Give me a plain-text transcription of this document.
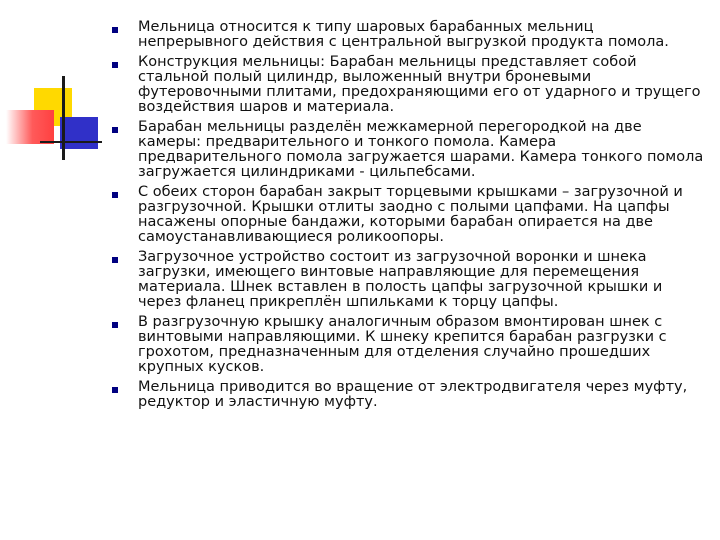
Мельница относится к типу шаровых барабанных мельниц непрерывного действия с центральной выгрузкой продукта помола.
Конструкция мельницы: Барабан мельницы представляет собой стальной полый цилиндр, выложенный внутри броневыми футеровочными плитами, предохраняющими его от ударного и трущего воздействия шаров и материала.
Барабан мельницы разделён межкамерной перегородкой на две камеры: предварительного и тонкого помола. Камера предварительного помола загружается шарами. Камера тонкого помола загружается цилиндриками - цильпебсами.
С обеих сторон барабан закрыт торцевыми крышками – загрузочной и разгрузочной. Крышки отлиты заодно с полыми цапфами. На цапфы насажены опорные бандажи, которыми барабан опирается на две самоустанавливающиеся роликоопоры.
Загрузочное устройство состоит из загрузочной воронки и шнека загрузки, имеющего винтовые направляющие для перемещения материала. Шнек вставлен в полость цапфы загрузочной крышки и через фланец прикреплён шпильками к торцу цапфы.
В разгрузочную крышку аналогичным образом вмонтирован шнек с винтовыми направляющими. К шнеку крепится барабан разгрузки с грохотом, предназначенным для отделения случайно прошедших крупных кусков.
Мельница приводится во вращение от электродвигателя через муфту, редуктор и эластичную муфту.
